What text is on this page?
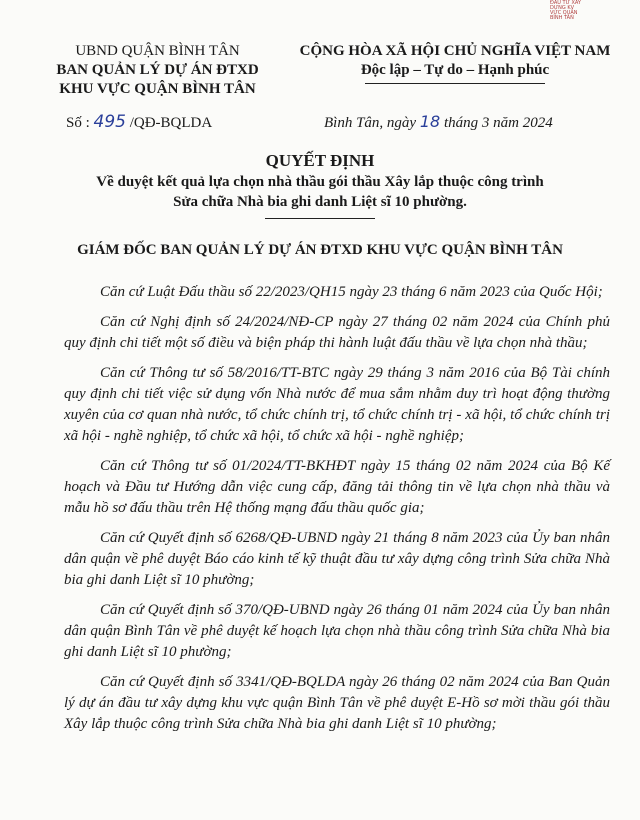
ĐẦU TƯ XÂY
DỰNG KV
VỰC QUẬN
BÌNH TÂN
UBND QUẬN BÌNH TÂN
BAN QUẢN LÝ DỰ ÁN ĐTXD
KHU VỰC QUẬN BÌNH TÂN
CỘNG HÒA XÃ HỘI CHỦ NGHĨA VIỆT NAM
Độc lập – Tự do – Hạnh phúc
Số : 495 /QĐ-BQLDA	Bình Tân, ngày 18 tháng 3 năm 2024
QUYẾT ĐỊNH
Về duyệt kết quả lựa chọn nhà thầu gói thầu Xây lắp thuộc công trình
Sửa chữa Nhà bia ghi danh Liệt sĩ 10 phường.
GIÁM ĐỐC BAN QUẢN LÝ DỰ ÁN ĐTXD KHU VỰC QUẬN BÌNH TÂN

Căn cứ Luật Đấu thầu số 22/2023/QH15 ngày 23 tháng 6 năm 2023 của Quốc Hội;

Căn cứ Nghị định số 24/2024/NĐ-CP ngày 27 tháng 02 năm 2024 của Chính phủ quy định chi tiết một số điều và biện pháp thi hành luật đấu thầu về lựa chọn nhà thầu;

Căn cứ Thông tư số 58/2016/TT-BTC ngày 29 tháng 3 năm 2016 của Bộ Tài chính quy định chi tiết việc sử dụng vốn Nhà nước để mua sắm nhằm duy trì hoạt động thường xuyên của cơ quan nhà nước, tổ chức chính trị, tổ chức chính trị - xã hội, tổ chức chính trị xã hội - nghề nghiệp, tổ chức xã hội, tổ chức xã hội - nghề nghiệp;

Căn cứ Thông tư số 01/2024/TT-BKHĐT ngày 15 tháng 02 năm 2024 của Bộ Kế hoạch và Đầu tư Hướng dẫn việc cung cấp, đăng tải thông tin về lựa chọn nhà thầu và mẫu hồ sơ đấu thầu trên Hệ thống mạng đấu thầu quốc gia;

Căn cứ Quyết định số 6268/QĐ-UBND ngày 21 tháng 8 năm 2023 của Ủy ban nhân dân quận về phê duyệt Báo cáo kinh tế kỹ thuật đầu tư xây dựng công trình Sửa chữa Nhà bia ghi danh Liệt sĩ 10 phường;

Căn cứ Quyết định số 370/QĐ-UBND ngày 26 tháng 01 năm 2024 của Ủy ban nhân dân quận Bình Tân về phê duyệt kế hoạch lựa chọn nhà thầu công trình Sửa chữa Nhà bia ghi danh Liệt sĩ 10 phường;

Căn cứ Quyết định số 3341/QĐ-BQLDA ngày 26 tháng 02 năm 2024 của Ban Quản lý dự án đầu tư xây dựng khu vực quận Bình Tân về phê duyệt E-Hồ sơ mời thầu gói thầu Xây lắp thuộc công trình Sửa chữa Nhà bia ghi danh Liệt sĩ 10 phường;
